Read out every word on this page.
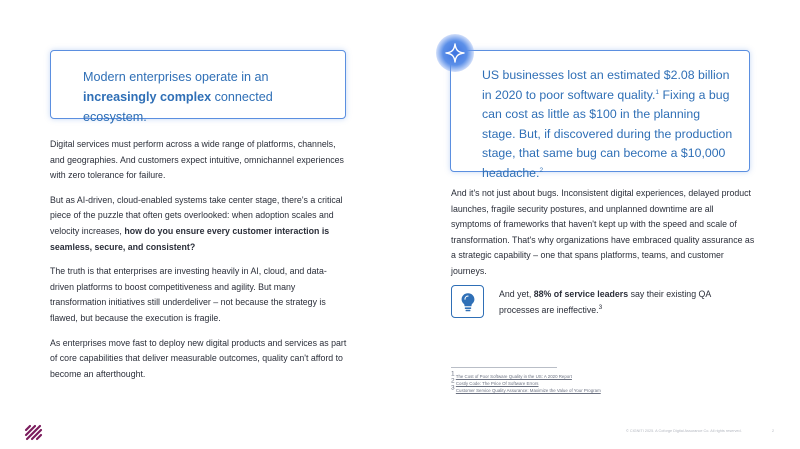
Modern enterprises operate in an increasingly complex connected ecosystem.

US businesses lost an estimated $2.08 billion in 2020 to poor software quality.$^1$ Fixing a bug can cost as little as $100 in the planning stage. But, if discovered during the production stage, that same bug can become a $10,000 headache.$^2$

Digital services must perform across a wide range of platforms, channels, and geographies. And customers expect intuitive, omnichannel experiences with zero tolerance for failure.

But as AI-driven, cloud-enabled systems take center stage, there's a critical piece of the puzzle that often gets overlooked: when adoption scales and velocity increases, how do you ensure every customer interaction is seamless, secure, and consistent?

The truth is that enterprises are investing heavily in AI, cloud, and data-driven platforms to boost competitiveness and agility. But many transformation initiatives still underdeliver – not because the strategy is flawed, but because the execution is fragile.

As enterprises move fast to deploy new digital products and services as part of core capabilities that deliver measurable outcomes, quality can't afford to become an afterthought.

And it's not just about bugs. Inconsistent digital experiences, delayed product launches, fragile security postures, and unplanned downtime are all symptoms of frameworks that haven't kept up with the speed and scale of transformation. That's why organizations have embraced quality assurance as a strategic capability – one that spans platforms, teams, and customer journeys.

And yet, 88% of service leaders say their existing QA processes are ineffective.$^3$

$^1$ The Cost of Poor Software Quality in the US: A 2020 Report
$^2$ Costly Code: The Price Of Software Errors
$^3$ Customer Service Quality Assurance: Maximize the Value of Your Program
© CIGNITI 2025. A Coforge Digital Assurance Co. All rights reserved.	2
